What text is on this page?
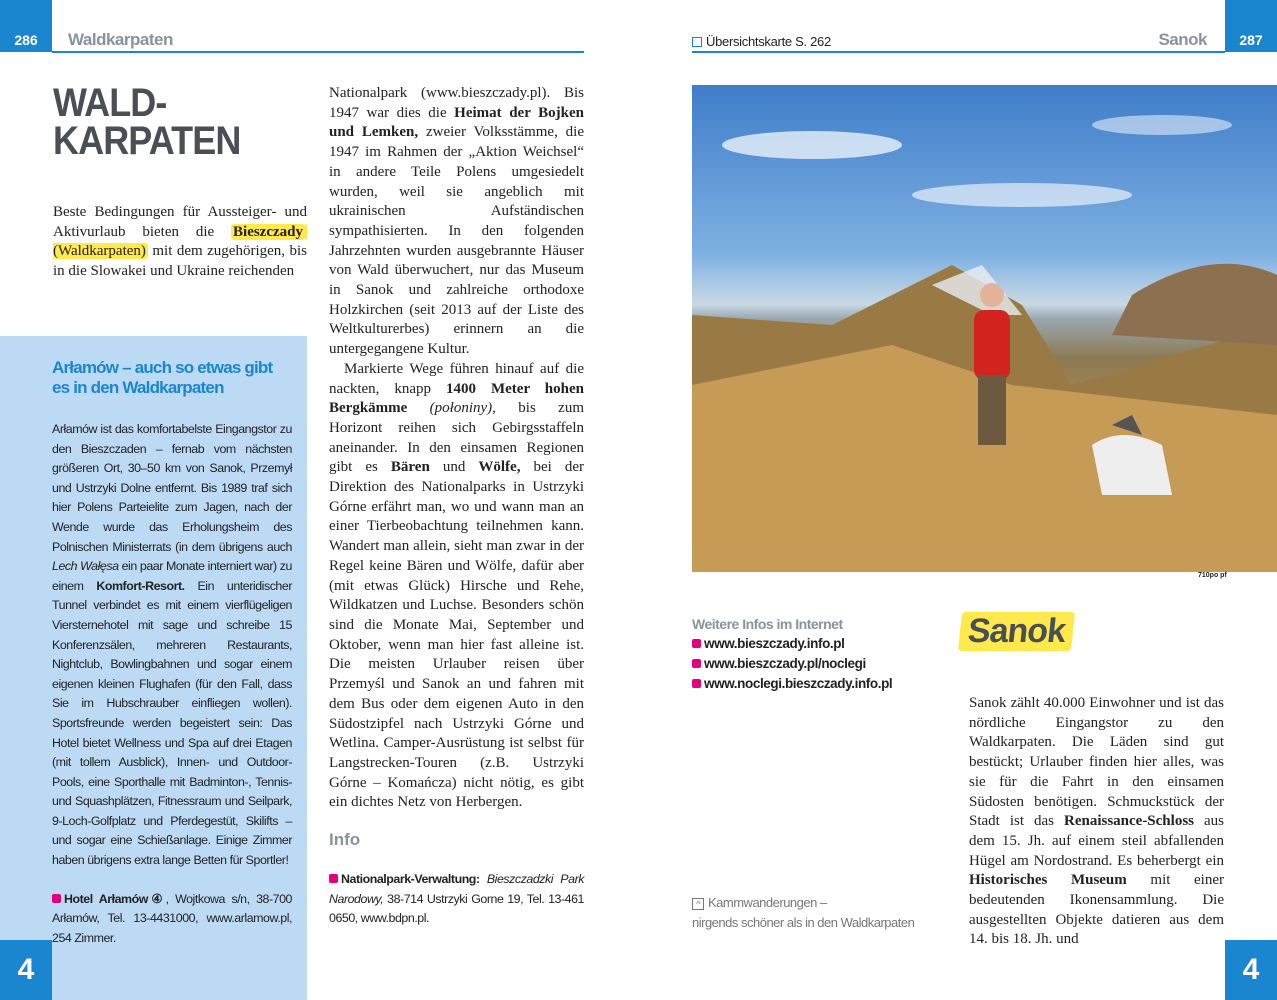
286	Waldkarpaten
WALD-
KARPATEN

Beste Bedingungen für Aussteiger- und Aktivurlaub bieten die Bieszczady (Waldkarpaten) mit dem zugehörigen, bis in die Slowakei und Ukraine reichenden

Arłamów – auch so etwas gibt es in den Waldkarpaten

Arłamów ist das komfortabelste Eingangstor zu den Bieszczaden – fernab vom nächsten größeren Ort, 30–50 km von Sanok, Przemył und Ustrzyki Dolne entfernt. Bis 1989 traf sich hier Polens Parteielite zum Jagen, nach der Wende wurde das Erholungsheim des Polnischen Ministerrats (in dem übrigens auch Lech Wałęsa ein paar Monate interniert war) zu einem Komfort-Resort. Ein unteridischer Tunnel verbindet es mit einem vierflügeligen Viersternehotel mit sage und schreibe 15 Konferenzsälen, mehreren Restaurants, Nightclub, Bowlingbahnen und sogar einem eigenen kleinen Flughafen (für den Fall, dass Sie im Hubschrauber einfliegen wollen). Sportsfreunde werden begeistert sein: Das Hotel bietet Wellness und Spa auf drei Etagen (mit tollem Ausblick), Innen- und Outdoor-Pools, eine Sporthalle mit Badminton-, Tennis- und Squashplätzen, Fitnessraum und Seilpark, 9-Loch-Golfplatz und Pferdegestüt, Skilifts – und sogar eine Schießanlage. Einige Zimmer haben übrigens extra lange Betten für Sportler!

Hotel Arłamów④, Wojtkowa s/n, 38-700 Arłamów, Tel. 13-4431000, www.arlamow.pl, 254 Zimmer.

Nationalpark (www.bieszczady.pl). Bis 1947 war dies die Heimat der Bojken und Lemken, zweier Volksstämme, die 1947 im Rahmen der „Aktion Weichsel“ in andere Teile Polens umgesiedelt wurden, weil sie angeblich mit ukrainischen Aufständischen sympathisierten. In den folgenden Jahrzehnten wurden ausgebrannte Häuser von Wald überwuchert, nur das Museum in Sanok und zahlreiche orthodoxe Holzkirchen (seit 2013 auf der Liste des Weltkulturerbes) erinnern an die untergegangene Kultur.

Markierte Wege führen hinauf auf die nackten, knapp 1400 Meter hohen Bergkämme (połoniny), bis zum Horizont reihen sich Gebirgsstaffeln aneinander. In den einsamen Regionen gibt es Bären und Wölfe, bei der Direktion des Nationalparks in Ustrzyki Górne erfährt man, wo und wann man an einer Tierbeobachtung teilnehmen kann. Wandert man allein, sieht man zwar in der Regel keine Bären und Wölfe, dafür aber (mit etwas Glück) Hirsche und Rehe, Wildkatzen und Luchse. Besonders schön sind die Monate Mai, September und Oktober, wenn man hier fast alleine ist. Die meisten Urlauber reisen über Przemyśl und Sanok an und fahren mit dem Bus oder dem eigenen Auto in den Südostzipfel nach Ustrzyki Górne und Wetlina. Camper-Ausrüstung ist selbst für Langstrecken-Touren (z.B. Ustrzyki Górne – Komańcza) nicht nötig, es gibt ein dichtes Netz von Herbergen.

Info

Nationalpark-Verwaltung: Bieszczadzki Park Narodowy, 38-714 Ustrzyki Gorne 19, Tel. 13-461 0650, www.bdpn.pl.

4
Übersichtskarte S. 262	Sanok	287
710po pf
Weitere Infos im Internet
www.bieszczady.info.pl
www.bieszczady.pl/noclegi
www.noclegi.bieszczady.info.pl
^ Kammwanderungen –
nirgends schöner als in den Waldkarpaten
Sanok

Sanok zählt 40.000 Einwohner und ist das nördliche Eingangstor zu den Waldkarpaten. Die Läden sind gut bestückt; Urlauber finden hier alles, was sie für die Fahrt in den einsamen Südosten benötigen. Schmuckstück der Stadt ist das Renaissance-Schloss aus dem 15. Jh. auf einem steil abfallenden Hügel am Nordostrand. Es beherbergt ein Historisches Museum mit einer bedeutenden Ikonensammlung. Die ausgestellten Objekte datieren aus dem 14. bis 18. Jh. und

4
